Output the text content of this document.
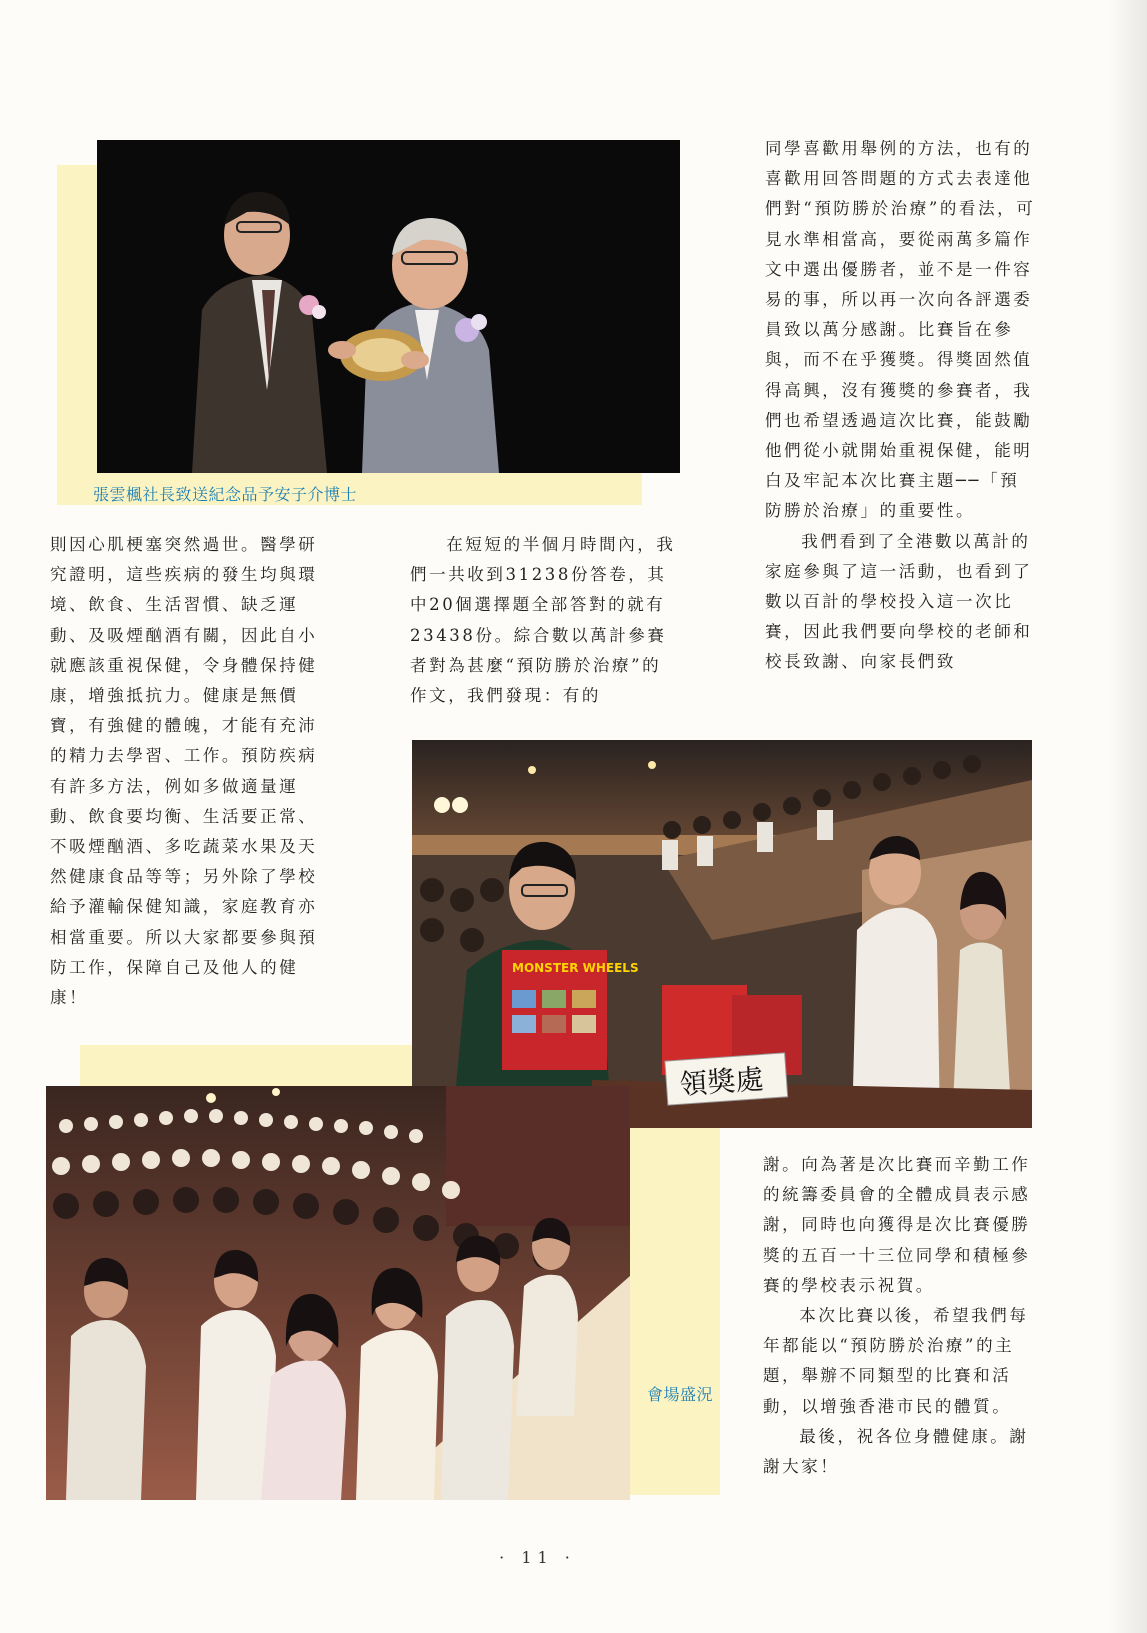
張雲楓社長致送紀念品予安子介博士

則因心肌梗塞突然過世。醫學研究證明，這些疾病的發生均與環境、飲食、生活習慣、缺乏運動、及吸煙酗酒有關，因此自小就應該重視保健，令身體保持健康，增強抵抗力。健康是無價寶，有強健的體魄，才能有充沛的精力去學習、工作。預防疾病有許多方法，例如多做適量運動、飲食要均衡、生活要正常、不吸煙酗酒、多吃蔬菜水果及天然健康食品等等；另外除了學校給予灌輸保健知識，家庭教育亦相當重要。所以大家都要參與預防工作，保障自己及他人的健康！

在短短的半個月時間內，我們一共收到31238份答卷，其中20個選擇題全部答對的就有23438份。綜合數以萬計參賽者對為甚麼“預防勝於治療”的作文，我們發現：有的

同學喜歡用舉例的方法，也有的喜歡用回答問題的方式去表達他們對“預防勝於治療”的看法，可見水準相當高，要從兩萬多篇作文中選出優勝者，並不是一件容易的事，所以再一次向各評選委員致以萬分感謝。比賽旨在參與，而不在乎獲獎。得獎固然值得高興，沒有獲獎的參賽者，我們也希望透過這次比賽，能鼓勵他們從小就開始重視保健，能明白及牢記本次比賽主題──「預防勝於治療」的重要性。

我們看到了全港數以萬計的家庭參與了這一活動，也看到了數以百計的學校投入這一次比賽，因此我們要向學校的老師和校長致謝、向家長們致

MONSTER WHEELS
領獎處
會場盛況

謝。向為著是次比賽而辛勤工作的統籌委員會的全體成員表示感謝，同時也向獲得是次比賽優勝獎的五百一十三位同學和積極參賽的學校表示祝賀。

本次比賽以後，希望我們每年都能以“預防勝於治療”的主題，舉辦不同類型的比賽和活動，以增強香港市民的體質。

最後，祝各位身體健康。謝謝大家！

· 11 ·
